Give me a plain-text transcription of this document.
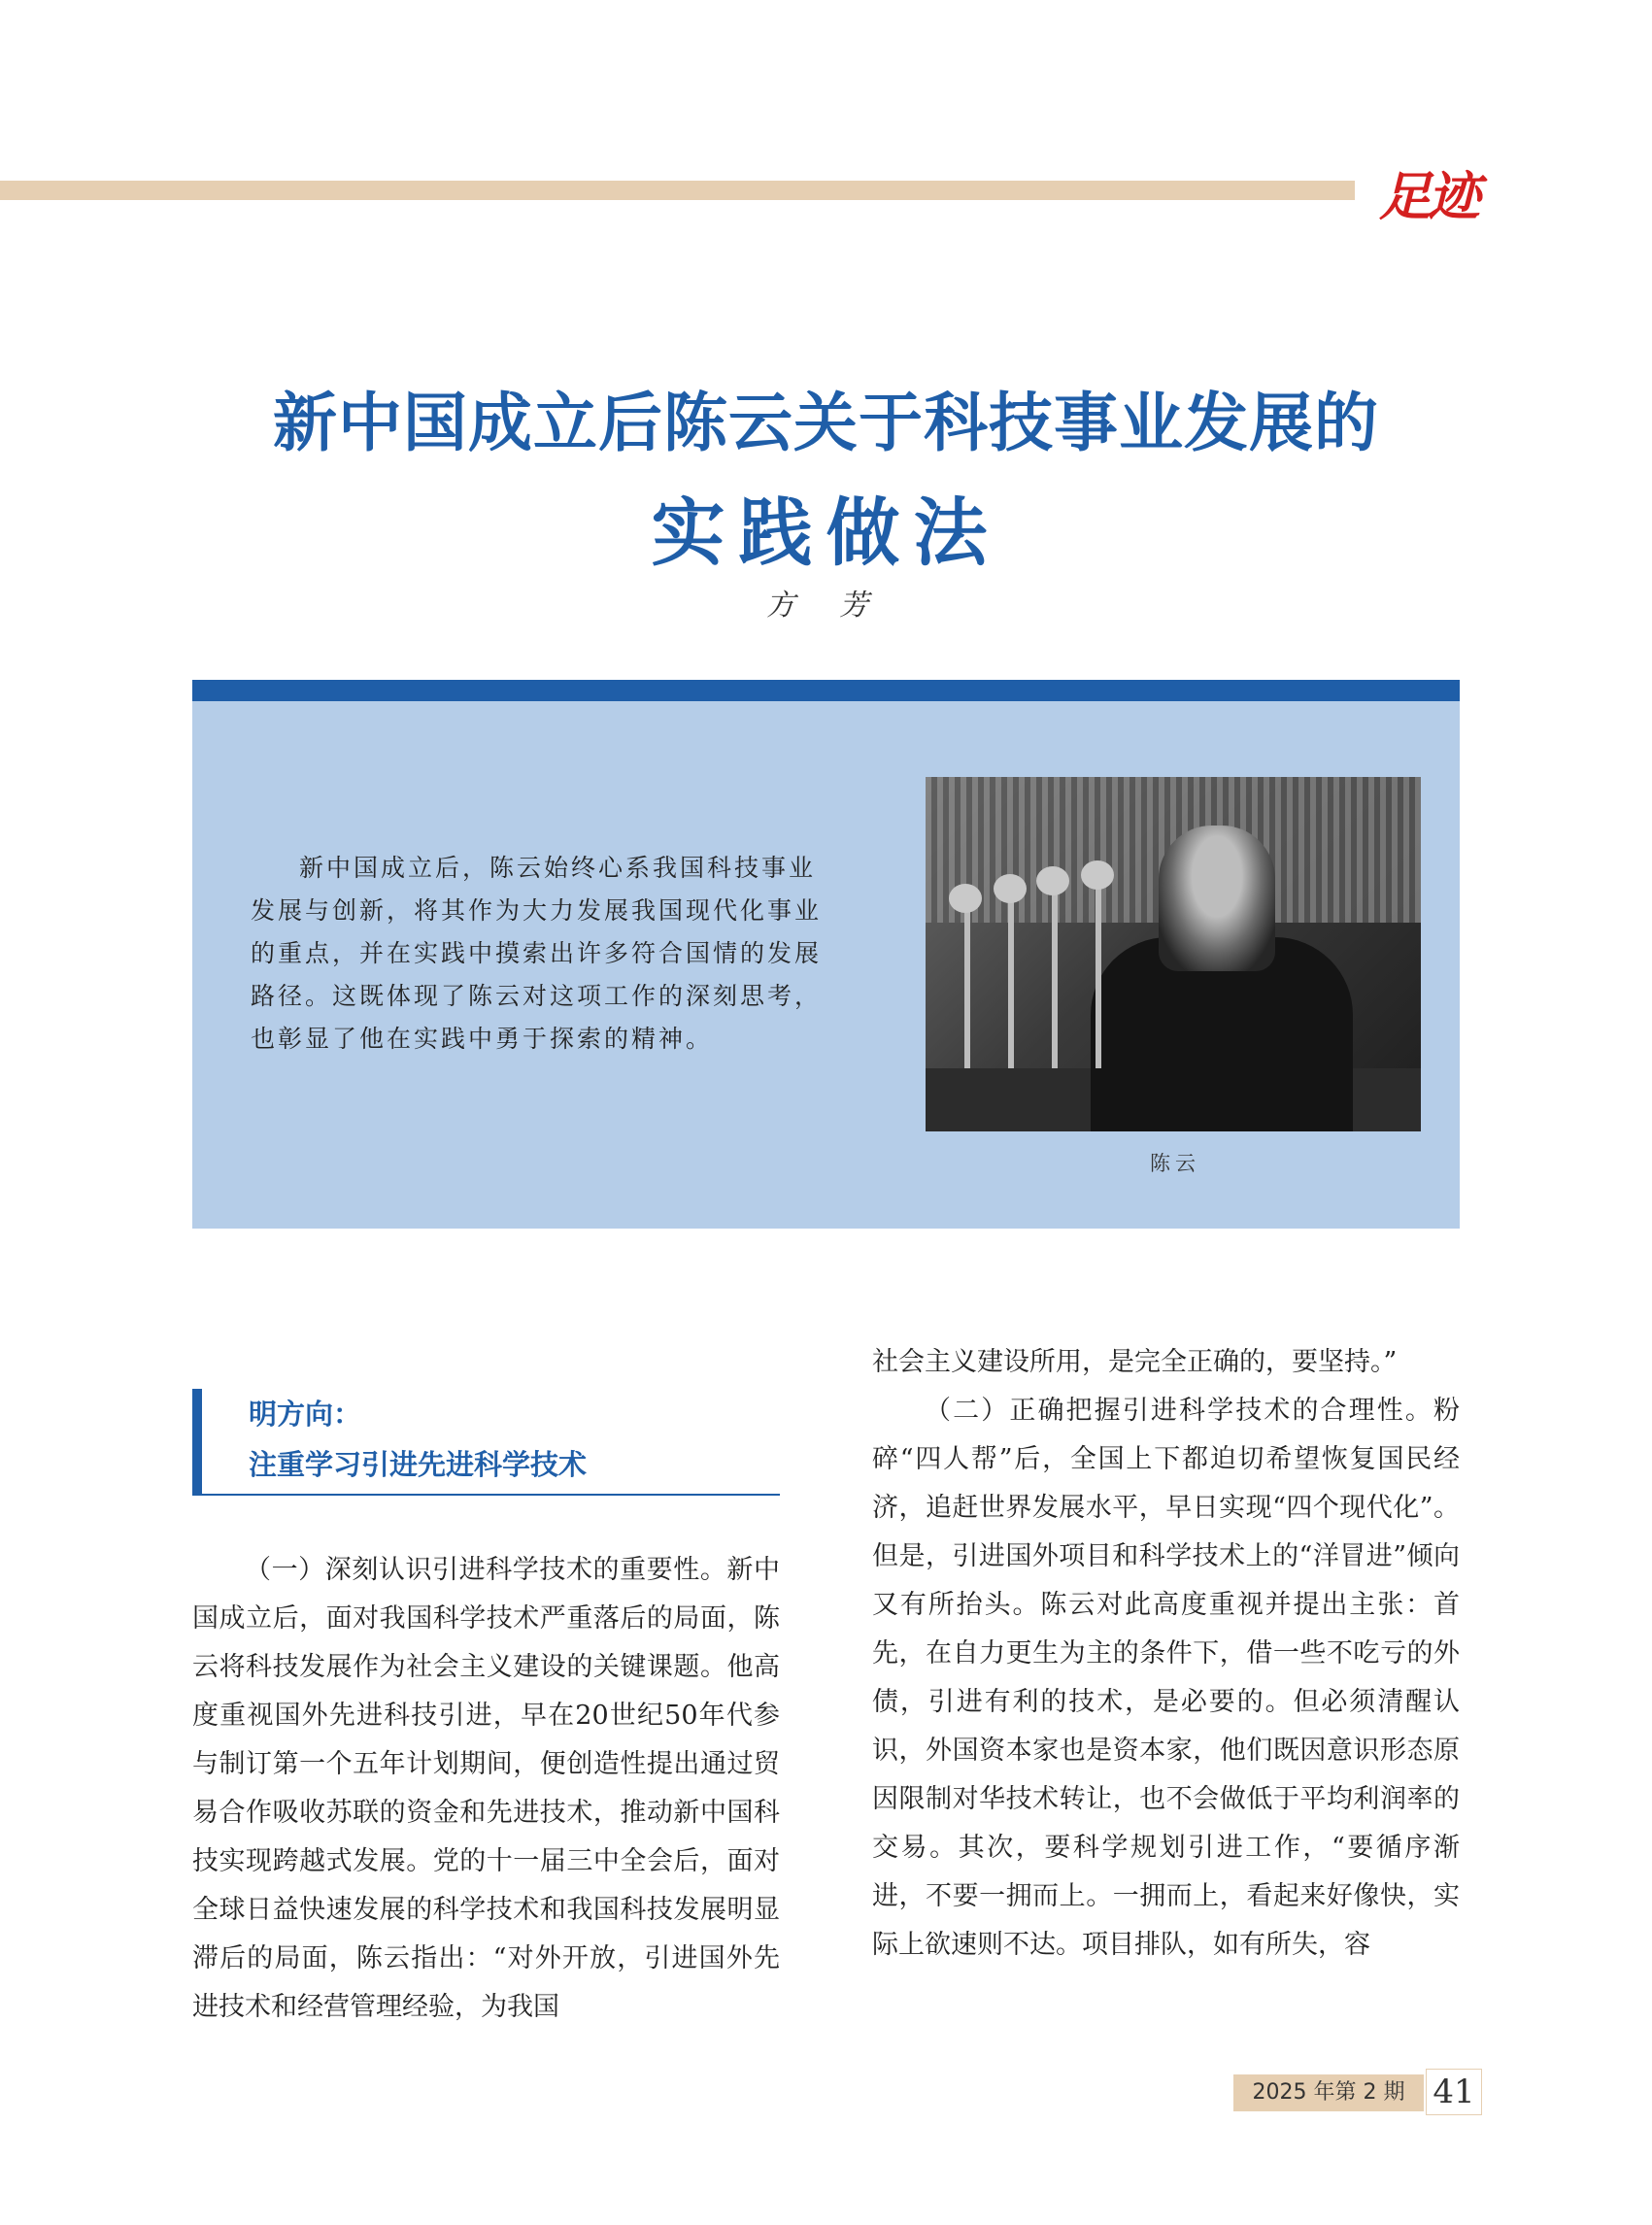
足迹
新中国成立后陈云关于科技事业发展的
实践做法
方 芳

新中国成立后，陈云始终心系我国科技事业发展与创新，将其作为大力发展我国现代化事业的重点，并在实践中摸索出许多符合国情的发展路径。这既体现了陈云对这项工作的深刻思考，也彰显了他在实践中勇于探索的精神。

陈云
明方向：
注重学习引进先进科学技术

（一）深刻认识引进科学技术的重要性。新中国成立后，面对我国科学技术严重落后的局面，陈云将科技发展作为社会主义建设的关键课题。他高度重视国外先进科技引进，早在20世纪50年代参与制订第一个五年计划期间，便创造性提出通过贸易合作吸收苏联的资金和先进技术，推动新中国科技实现跨越式发展。党的十一届三中全会后，面对全球日益快速发展的科学技术和我国科技发展明显滞后的局面，陈云指出：“对外开放，引进国外先进技术和经营管理经验，为我国

社会主义建设所用，是完全正确的，要坚持。”

（二）正确把握引进科学技术的合理性。粉碎“四人帮”后，全国上下都迫切希望恢复国民经济，追赶世界发展水平，早日实现“四个现代化”。但是，引进国外项目和科学技术上的“洋冒进”倾向又有所抬头。陈云对此高度重视并提出主张：首先，在自力更生为主的条件下，借一些不吃亏的外债，引进有利的技术，是必要的。但必须清醒认识，外国资本家也是资本家，他们既因意识形态原因限制对华技术转让，也不会做低于平均利润率的交易。其次，要科学规划引进工作，“要循序渐进，不要一拥而上。一拥而上，看起来好像快，实际上欲速则不达。项目排队，如有所失，容

2025 年第 2 期 41
